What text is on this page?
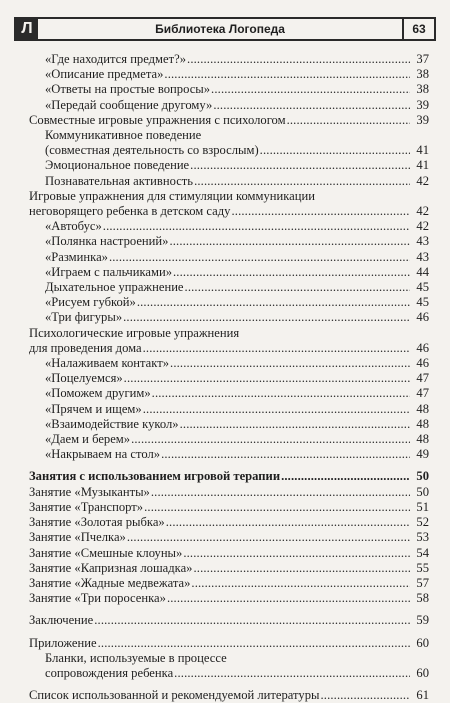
Л	Библиотека Логопеда	63
«Где находится предмет?» . . .	37
«Описание предмета» . . .	38
«Ответы на простые вопросы» . . .	38
«Передай сообщение другому» . . .	39
Совместные игровые упражнения с психологом . . .	39
Коммуникативное поведение
(совместная деятельность со взрослым) . . .	41
Эмоциональное поведение . . .	41
Познавательная активность . . .	42
Игровые упражнения для стимуляции коммуникации
неговорящего ребенка в детском саду . . .	42
«Автобус» . . .	42
«Полянка настроений» . . .	43
«Разминка» . . .	43
«Играем с пальчиками» . . .	44
Дыхательное упражнение . . .	45
«Рисуем губкой» . . .	45
«Три фигуры» . . .	46
Психологические игровые упражнения
для проведения дома . . .	46
«Налаживаем контакт» . . .	46
«Поцелуемся» . . .	47
«Поможем другим» . . .	47
«Прячем и ищем» . . .	48
«Взаимодействие кукол» . . .	48
«Даем и берем» . . .	48
«Накрываем на стол» . . .	49
Занятия с использованием игровой терапии . . .	50
Занятие «Музыканты» . . .	50
Занятие «Транспорт» . . .	51
Занятие «Золотая рыбка» . . .	52
Занятие «Пчелка» . . .	53
Занятие «Смешные клоуны» . . .	54
Занятие «Капризная лошадка» . . .	55
Занятие «Жадные медвежата» . . .	57
Занятие «Три поросенка» . . .	58
Заключение . . .	59
Приложение . . .	60
Бланки, используемые в процессе
сопровождения ребенка . . .	60
Список использованной и рекомендуемой литературы . . .	61
